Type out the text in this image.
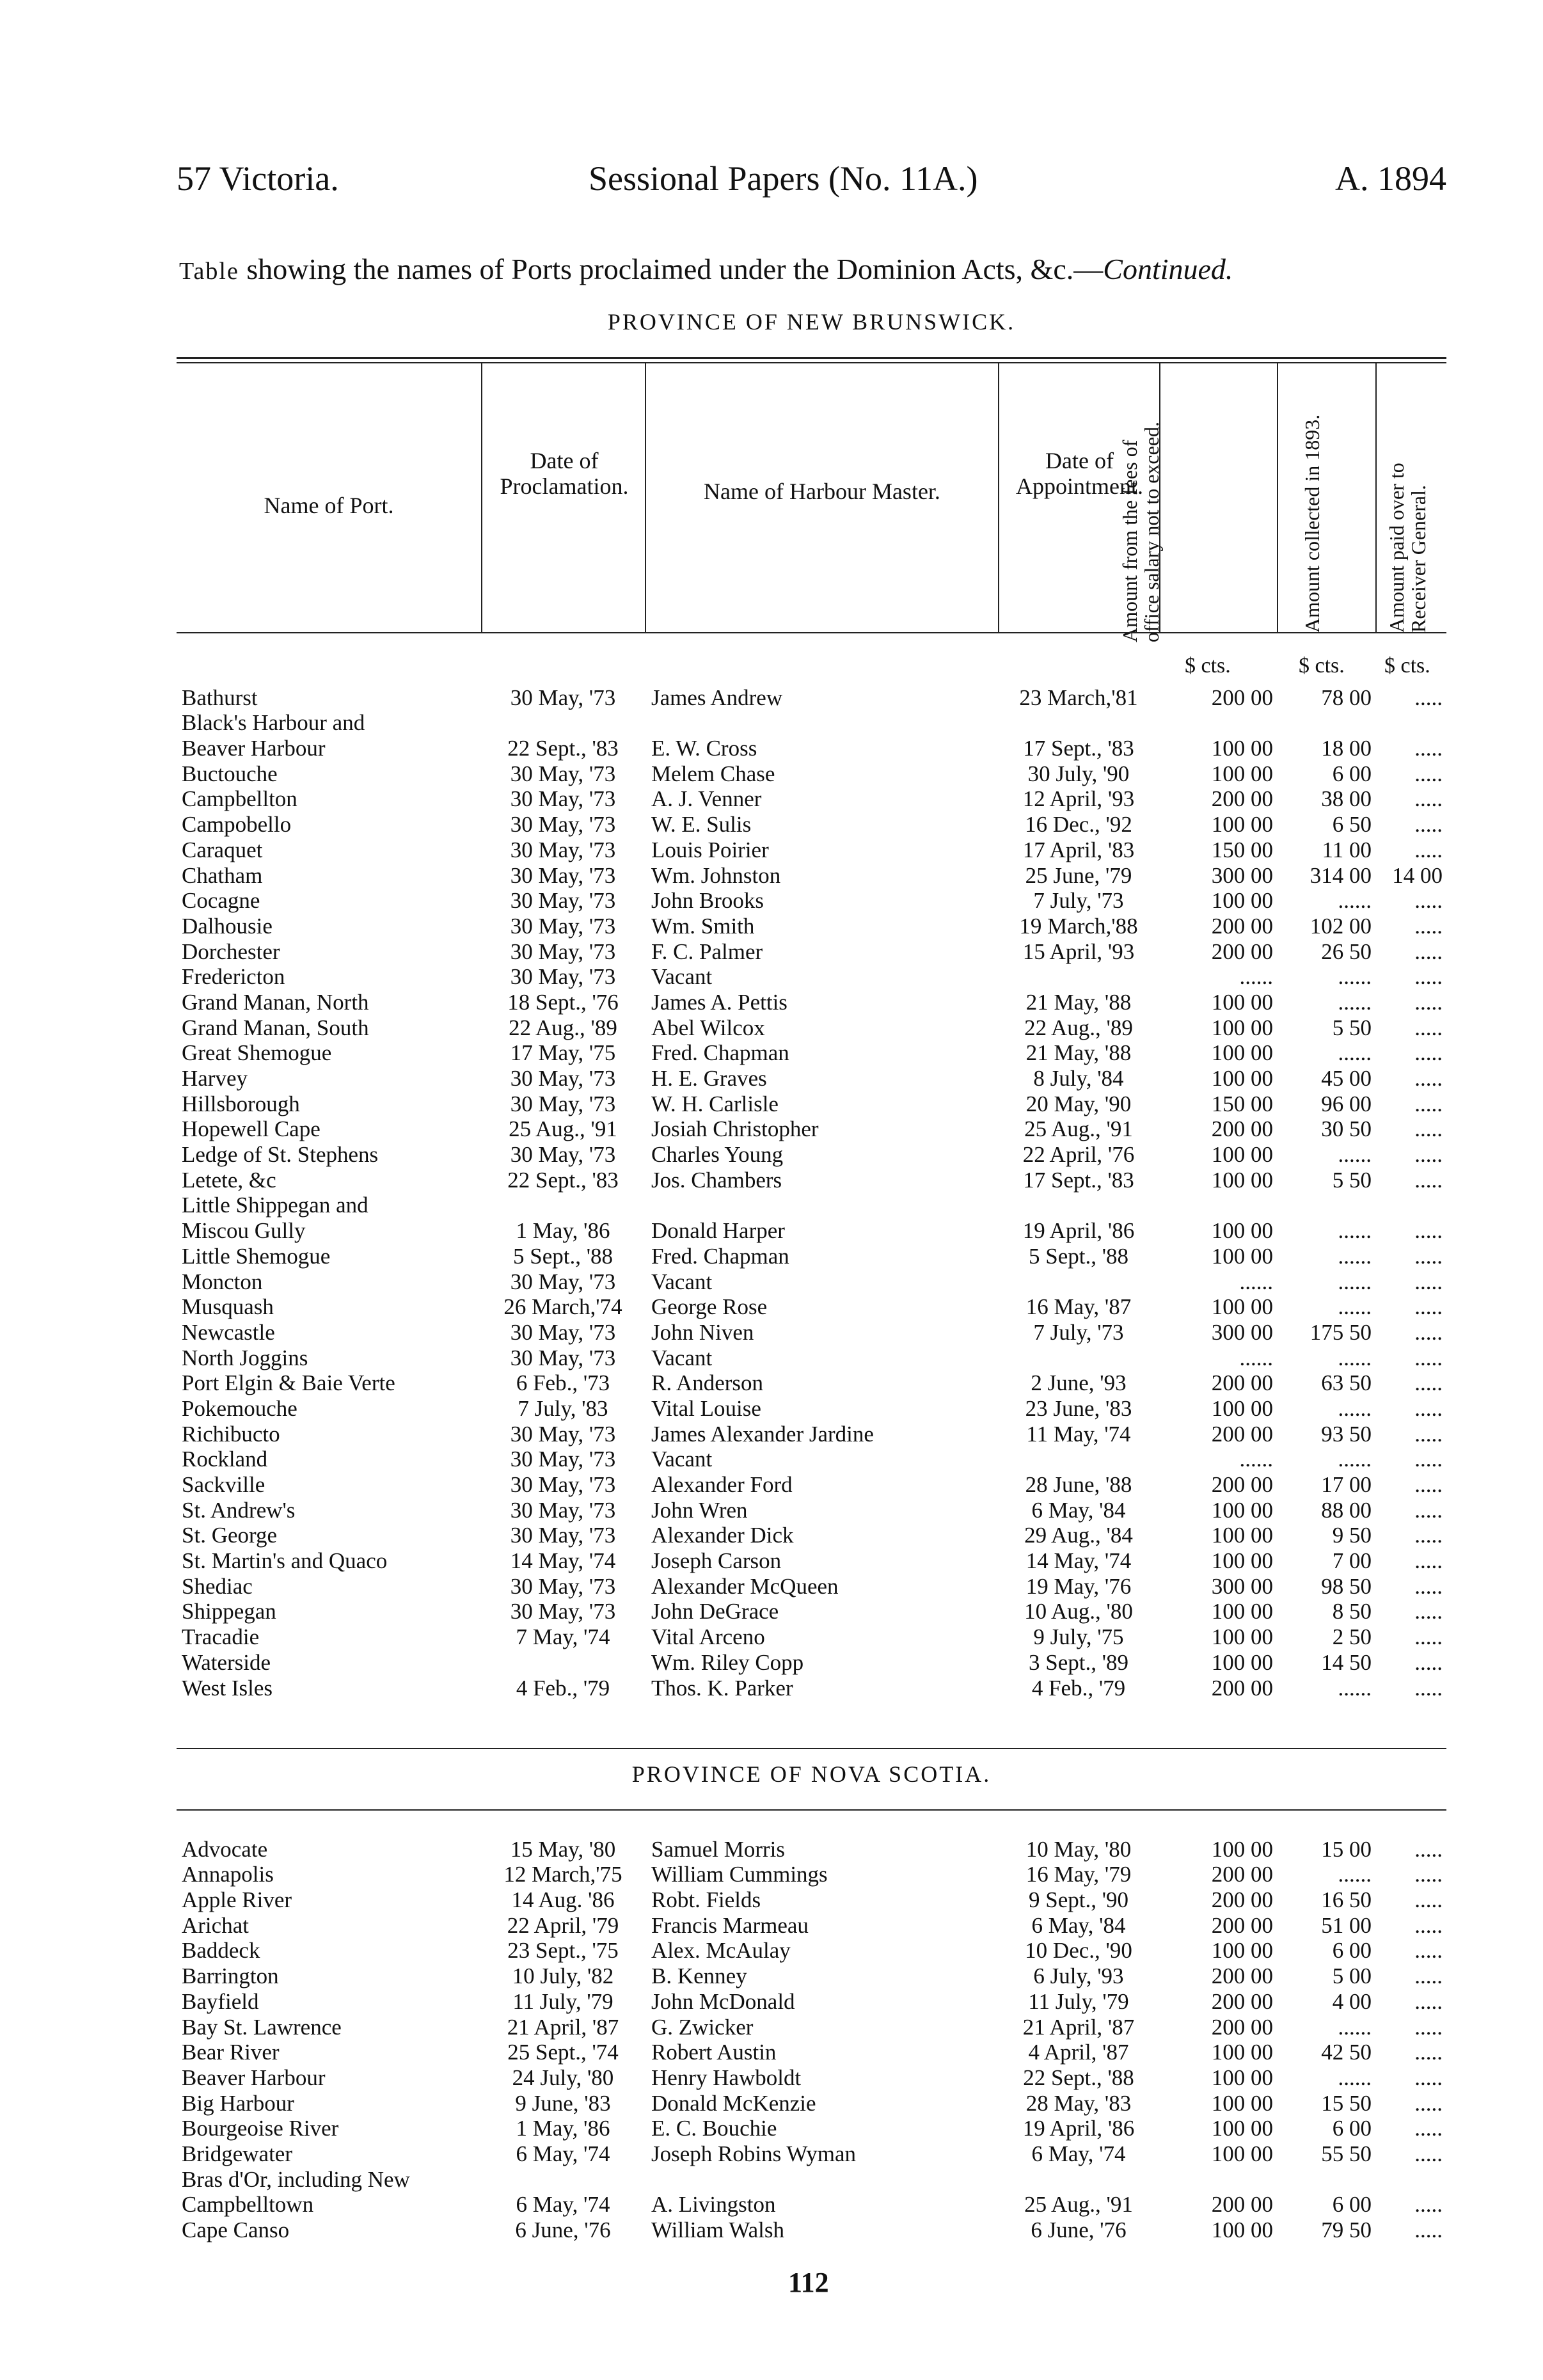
57 Victoria.	Sessional Papers (No. 11A.)	A. 1894
Table showing the names of Ports proclaimed under the Dominion Acts, &c.—Continued.
PROVINCE OF NEW BRUNSWICK.
Name of Port.
Date of Proclamation.	Name of Harbour Master.
Date of Appointment.
Amount from the fees of office salary not to exceed.	Amount collected in 1893.	Amount paid over to Receiver General.
$ cts.	$ cts. $ cts.
Bathurst	30 May, '73	James Andrew	23 March,'81	200 00	78 00	.....
Black's Harbour and						
Beaver Harbour	22 Sept., '83	E. W. Cross	17 Sept., '83	100 00	18 00	.....
Buctouche	30 May, '73	Melem Chase	30 July, '90	100 00	6 00	.....
Campbellton	30 May, '73	A. J. Venner	12 April, '93	200 00	38 00	.....
Campobello	30 May, '73	W. E. Sulis	16 Dec., '92	100 00	6 50	.....
Caraquet	30 May, '73	Louis Poirier	17 April, '83	150 00	11 00	.....
Chatham	30 May, '73	Wm. Johnston	25 June, '79	300 00	314 00	14 00
Cocagne	30 May, '73	John Brooks	7 July, '73	100 00	......	.....
Dalhousie	30 May, '73	Wm. Smith	19 March,'88	200 00	102 00	.....
Dorchester	30 May, '73	F. C. Palmer	15 April, '93	200 00	26 50	.....
Fredericton	30 May, '73	Vacant		......	......	.....
Grand Manan, North	18 Sept., '76	James A. Pettis	21 May, '88	100 00	......	.....
Grand Manan, South	22 Aug., '89	Abel Wilcox	22 Aug., '89	100 00	5 50	.....
Great Shemogue	17 May, '75	Fred. Chapman	21 May, '88	100 00	......	.....
Harvey	30 May, '73	H. E. Graves	8 July, '84	100 00	45 00	.....
Hillsborough	30 May, '73	W. H. Carlisle	20 May, '90	150 00	96 00	.....
Hopewell Cape	25 Aug., '91	Josiah Christopher	25 Aug., '91	200 00	30 50	.....
Ledge of St. Stephens	30 May, '73	Charles Young	22 April, '76	100 00	......	.....
Letete, &c	22 Sept., '83	Jos. Chambers	17 Sept., '83	100 00	5 50	.....
Little Shippegan and						
Miscou Gully	1 May, '86	Donald Harper	19 April, '86	100 00	......	.....
Little Shemogue	5 Sept., '88	Fred. Chapman	5 Sept., '88	100 00	......	.....
Moncton	30 May, '73	Vacant		......	......	.....
Musquash	26 March,'74	George Rose	16 May, '87	100 00	......	.....
Newcastle	30 May, '73	John Niven	7 July, '73	300 00	175 50	.....
North Joggins	30 May, '73	Vacant		......	......	.....
Port Elgin & Baie Verte	6 Feb., '73	R. Anderson	2 June, '93	200 00	63 50	.....
Pokemouche	7 July, '83	Vital Louise	23 June, '83	100 00	......	.....
Richibucto	30 May, '73	James Alexander Jardine	11 May, '74	200 00	93 50	.....
Rockland	30 May, '73	Vacant		......	......	.....
Sackville	30 May, '73	Alexander Ford	28 June, '88	200 00	17 00	.....
St. Andrew's	30 May, '73	John Wren	6 May, '84	100 00	88 00	.....
St. George	30 May, '73	Alexander Dick	29 Aug., '84	100 00	9 50	.....
St. Martin's and Quaco	14 May, '74	Joseph Carson	14 May, '74	100 00	7 00	.....
Shediac	30 May, '73	Alexander McQueen	19 May, '76	300 00	98 50	.....
Shippegan	30 May, '73	John DeGrace	10 Aug., '80	100 00	8 50	.....
Tracadie	7 May, '74	Vital Arceno	9 July, '75	100 00	2 50	.....
Waterside		Wm. Riley Copp	3 Sept., '89	100 00	14 50	.....
West Isles	4 Feb., '79	Thos. K. Parker	4 Feb., '79	200 00	......	.....
PROVINCE OF NOVA SCOTIA.
Advocate	15 May, '80	Samuel Morris	10 May, '80	100 00	15 00	.....
Annapolis	12 March,'75	William Cummings	16 May, '79	200 00	......	.....
Apple River	14 Aug. '86	Robt. Fields	9 Sept., '90	200 00	16 50	.....
Arichat	22 April, '79	Francis Marmeau	6 May, '84	200 00	51 00	.....
Baddeck	23 Sept., '75	Alex. McAulay	10 Dec., '90	100 00	6 00	.....
Barrington	10 July, '82	B. Kenney	6 July, '93	200 00	5 00	.....
Bayfield	11 July, '79	John McDonald	11 July, '79	200 00	4 00	.....
Bay St. Lawrence	21 April, '87	G. Zwicker	21 April, '87	200 00	......	.....
Bear River	25 Sept., '74	Robert Austin	4 April, '87	100 00	42 50	.....
Beaver Harbour	24 July, '80	Henry Hawboldt	22 Sept., '88	100 00	......	.....
Big Harbour	9 June, '83	Donald McKenzie	28 May, '83	100 00	15 50	.....
Bourgeoise River	1 May, '86	E. C. Bouchie	19 April, '86	100 00	6 00	.....
Bridgewater	6 May, '74	Joseph Robins Wyman	6 May, '74	100 00	55 50	.....
Bras d'Or, including New						
Campbelltown	6 May, '74	A. Livingston	25 Aug., '91	200 00	6 00	.....
Cape Canso	6 June, '76	William Walsh	6 June, '76	100 00	79 50	.....
112
